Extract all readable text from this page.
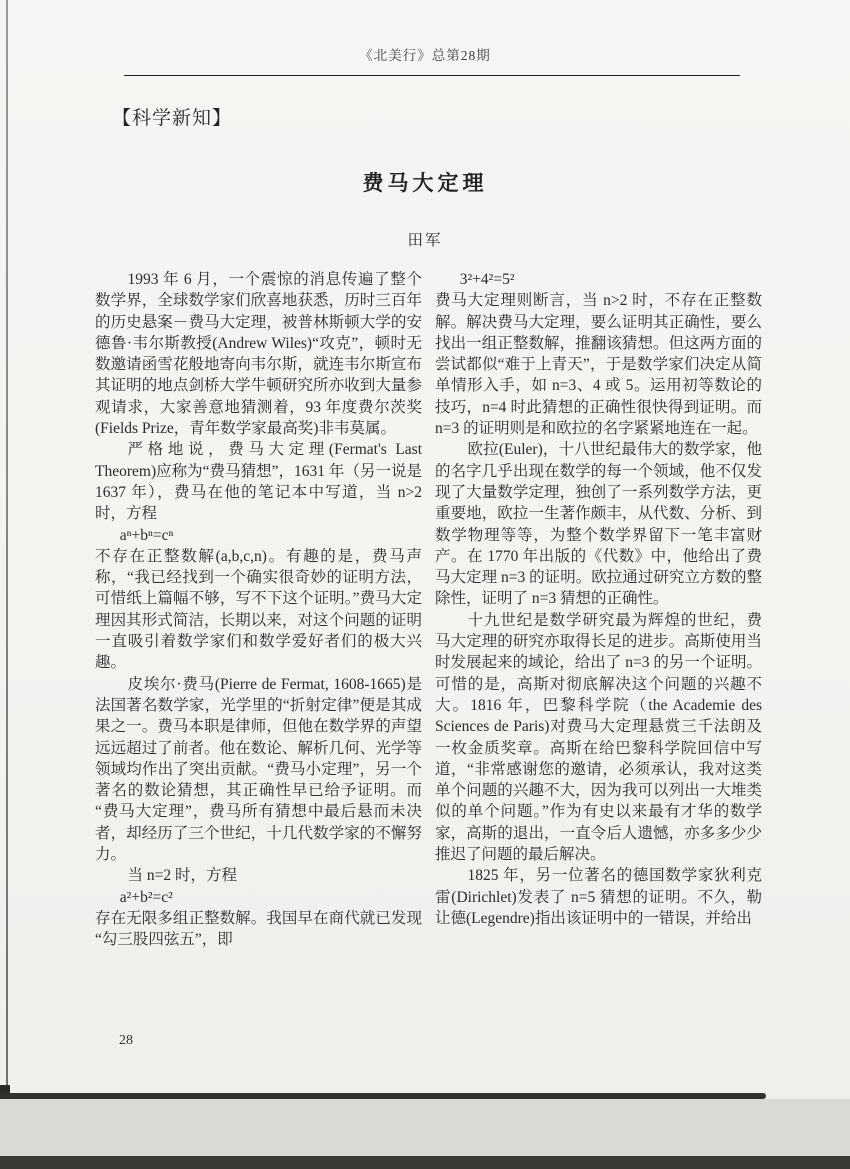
《北美行》总第28期
【科学新知】
费马大定理
田军

1993 年 6 月，一个震惊的消息传遍了整个数学界，全球数学家们欣喜地获悉，历时三百年的历史悬案－费马大定理，被普林斯顿大学的安德鲁·韦尔斯教授(Andrew Wiles)“攻克”，顿时无数邀请函雪花般地寄向韦尔斯，就连韦尔斯宣布其证明的地点剑桥大学牛顿研究所亦收到大量参观请求，大家善意地猜测着，93 年度费尔茨奖(Fields Prize，青年数学家最高奖)非韦莫属。

严格地说，费马大定理(Fermat's Last Theorem)应称为“费马猜想”，1631 年（另一说是 1637 年），费马在他的笔记本中写道，当 n>2 时，方程

aⁿ+bⁿ=cⁿ

不存在正整数解(a,b,c,n)。有趣的是，费马声称，“我已经找到一个确实很奇妙的证明方法，可惜纸上篇幅不够，写不下这个证明。”费马大定理因其形式简洁，长期以来，对这个问题的证明一直吸引着数学家们和数学爱好者们的极大兴趣。

皮埃尔·费马(Pierre de Fermat, 1608-1665)是法国著名数学家，光学里的“折射定律”便是其成果之一。费马本职是律师，但他在数学界的声望远远超过了前者。他在数论、解析几何、光学等领域均作出了突出贡献。“费马小定理”，另一个著名的数论猜想，其正确性早已给予证明。而“费马大定理”，费马所有猜想中最后悬而未决者，却经历了三个世纪，十几代数学家的不懈努力。

当 n=2 时，方程

a²+b²=c²

存在无限多组正整数解。我国早在商代就已发现“勾三股四弦五”，即

3²+4²=5²

费马大定理则断言，当 n>2 时，不存在正整数解。解决费马大定理，要么证明其正确性，要么找出一组正整数解，推翻该猜想。但这两方面的尝试都似“难于上青天”，于是数学家们决定从简单情形入手，如 n=3、4 或 5。运用初等数论的技巧，n=4 时此猜想的正确性很快得到证明。而 n=3 的证明则是和欧拉的名字紧紧地连在一起。

欧拉(Euler)，十八世纪最伟大的数学家，他的名字几乎出现在数学的每一个领域，他不仅发现了大量数学定理，独创了一系列数学方法，更重要地，欧拉一生著作颇丰，从代数、分析、到数学物理等等，为整个数学界留下一笔丰富财产。在 1770 年出版的《代数》中，他给出了费马大定理 n=3 的证明。欧拉通过研究立方数的整除性，证明了 n=3 猜想的正确性。

十九世纪是数学研究最为辉煌的世纪，费马大定理的研究亦取得长足的进步。高斯使用当时发展起来的域论，给出了 n=3 的另一个证明。可惜的是，高斯对彻底解决这个问题的兴趣不大。1816 年，巴黎科学院（the Academie des Sciences de Paris)对费马大定理悬赏三千法朗及一枚金质奖章。高斯在给巴黎科学院回信中写道，“非常感谢您的邀请，必须承认，我对这类单个问题的兴趣不大，因为我可以列出一大堆类似的单个问题。”作为有史以来最有才华的数学家，高斯的退出，一直令后人遗憾，亦多多少少推迟了问题的最后解决。

1825 年，另一位著名的德国数学家狄利克雷(Dirichlet)发表了 n=5 猜想的证明。不久，勒让德(Legendre)指出该证明中的一错误，并给出

28
